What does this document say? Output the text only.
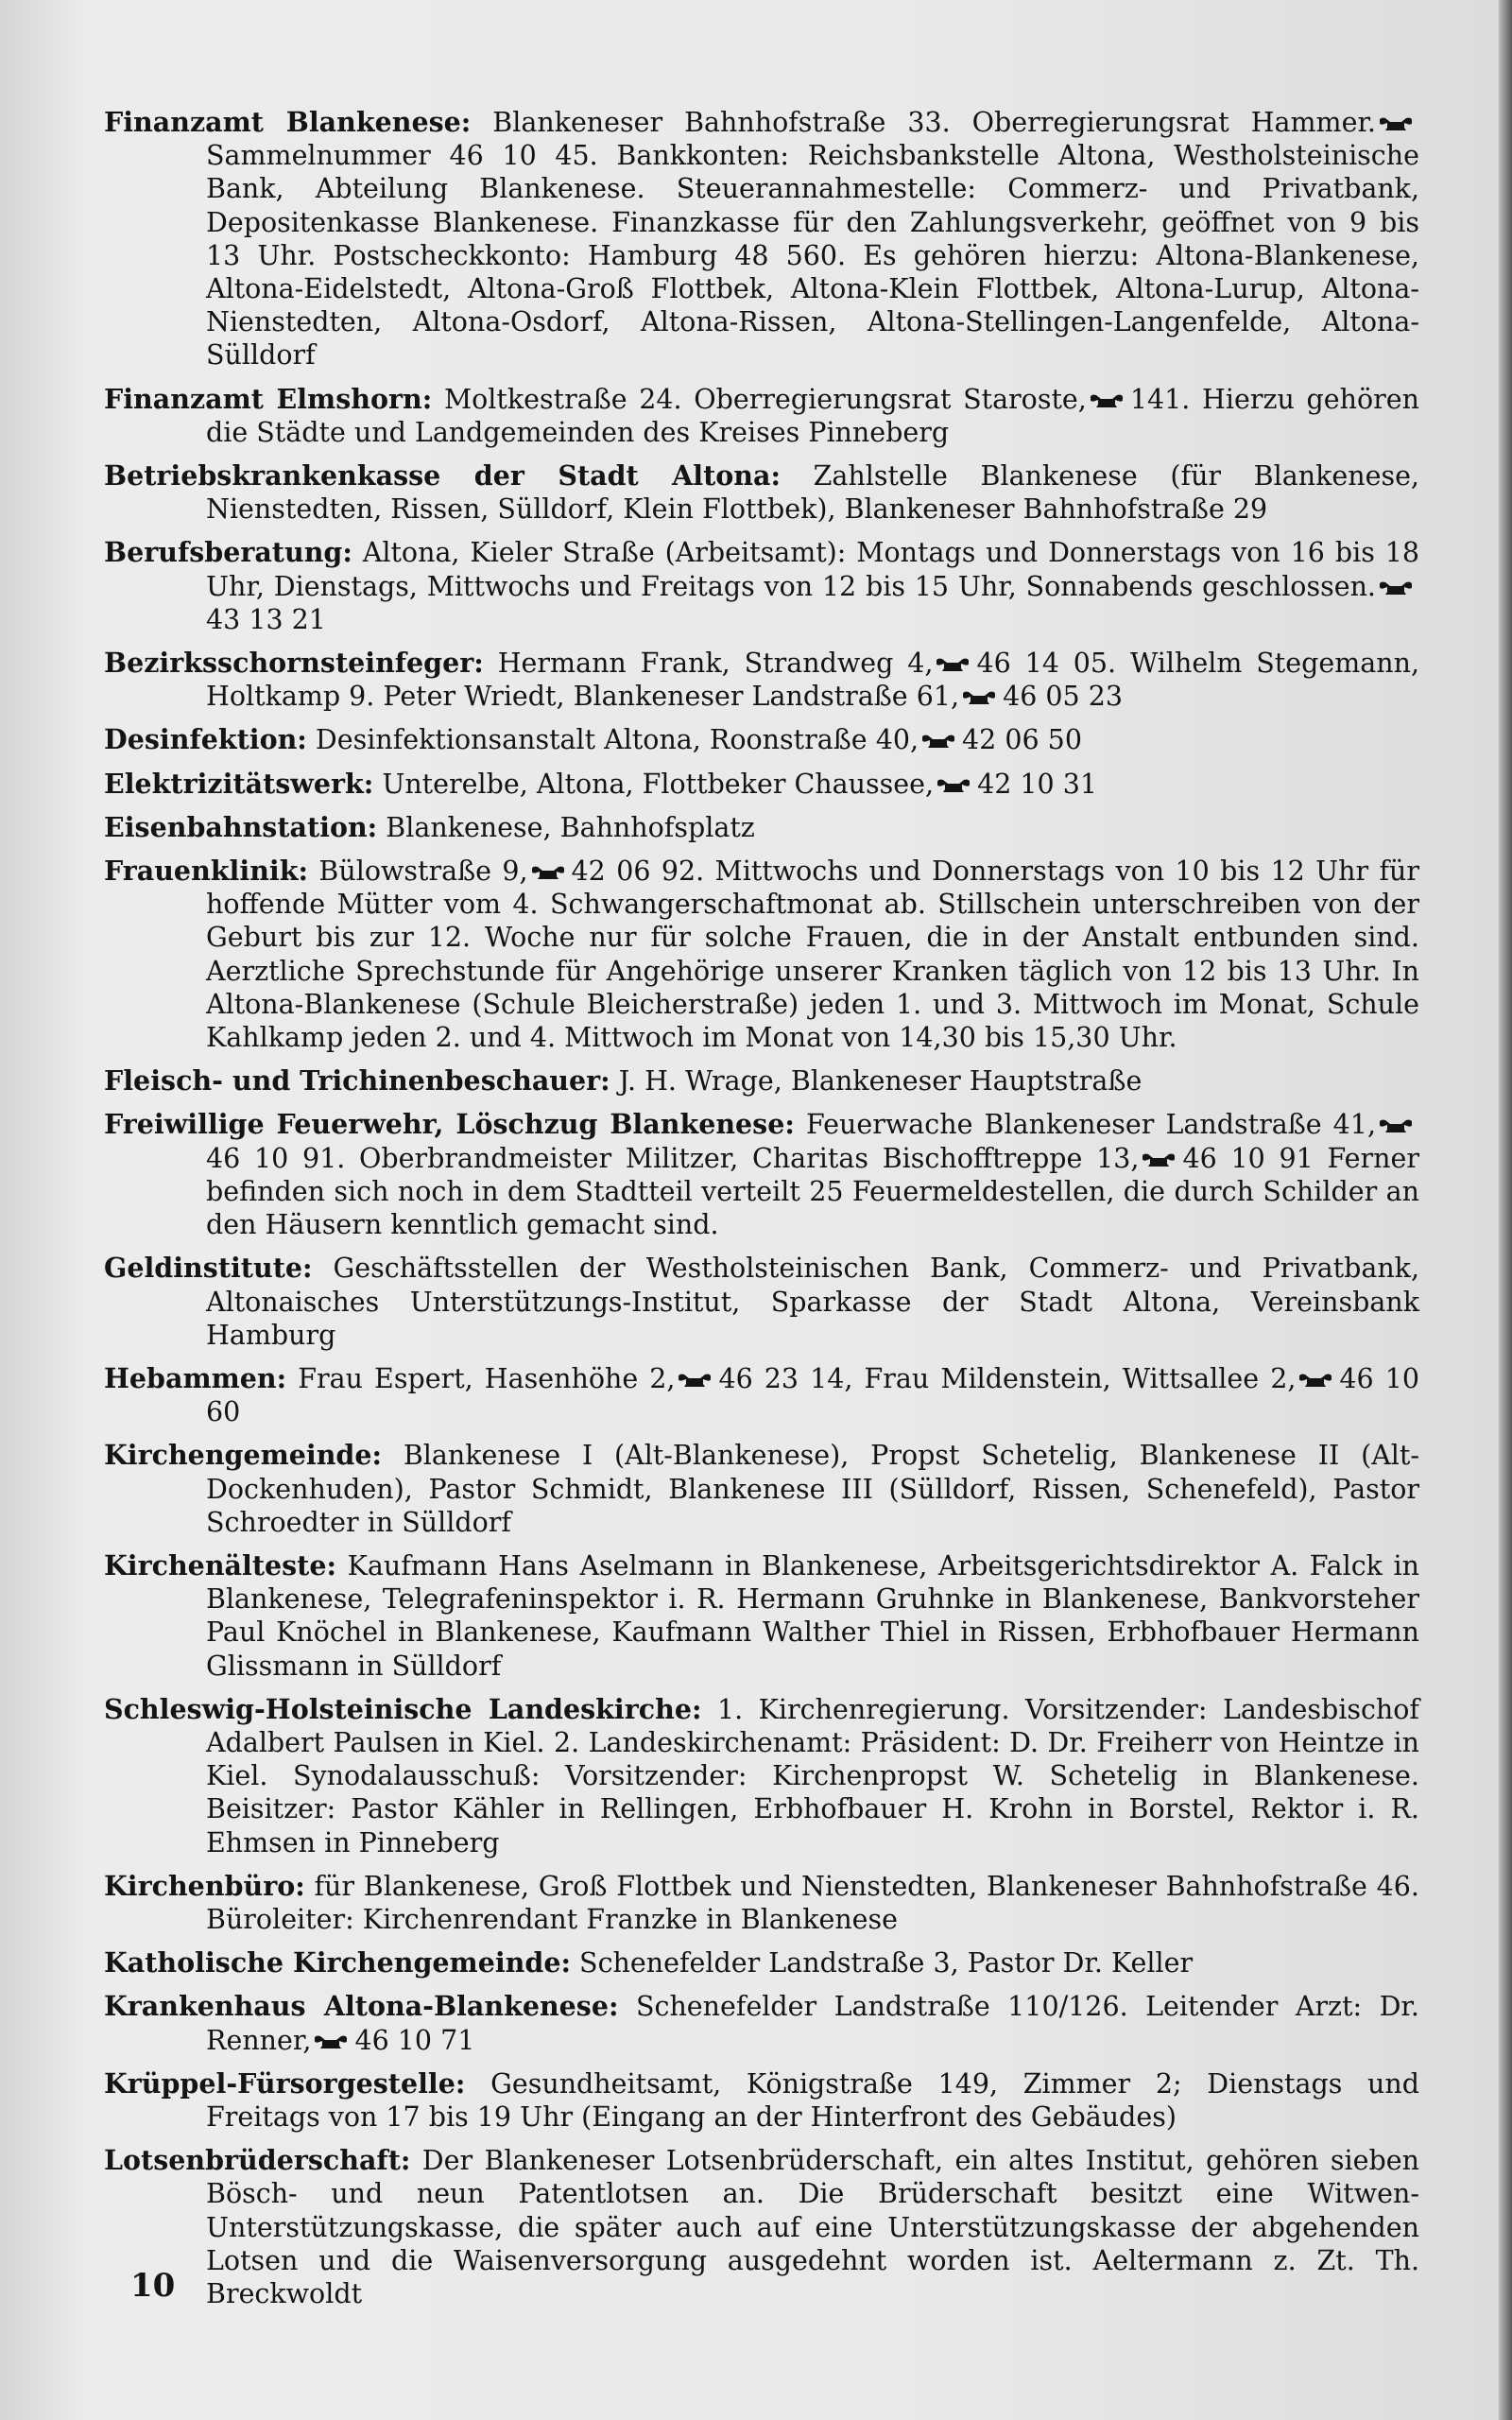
Finanzamt Blankenese: Blankeneser Bahnhofstraße 33. Oberregierungsrat Hammer.
Sammelnummer 46 10 45. Bankkonten: Reichsbankstelle Altona, Westholsteinische Bank, Abteilung Blankenese. Steuerannahmestelle: Commerz- und Privatbank, Depositenkasse Blankenese. Finanzkasse für den Zahlungsverkehr, geöffnet von 9 bis 13 Uhr. Postscheckkonto: Hamburg 48 560. Es gehören hierzu: Altona-Blankenese, Altona-Eidelstedt, Altona-Groß Flottbek, Altona-Klein Flottbek, Altona-Lurup, Altona-Nienstedten, Altona-Osdorf, Altona-Rissen, Altona-Stellingen-Langenfelde, Altona-Sülldorf

Finanzamt Elmshorn: Moltkestraße 24. Oberregierungsrat Staroste, 141. Hierzu gehören die Städte und Landgemeinden des Kreises Pinneberg

Betriebskrankenkasse der Stadt Altona: Zahlstelle Blankenese (für Blankenese, Nienstedten, Rissen, Sülldorf, Klein Flottbek), Blankeneser Bahnhofstraße 29

Berufsberatung: Altona, Kieler Straße (Arbeitsamt): Montags und Donnerstags von 16 bis 18 Uhr, Dienstags, Mittwochs und Freitags von 12 bis 15 Uhr, Sonnabends geschlossen.
43 13 21

Bezirksschornsteinfeger: Hermann Frank, Strandweg 4, 46 14 05. Wilhelm Stegemann, Holtkamp 9. Peter Wriedt, Blankeneser Landstraße 61, 46 05 23

Desinfektion: Desinfektionsanstalt Altona, Roonstraße 40, 42 06 50

Elektrizitätswerk: Unterelbe, Altona, Flottbeker Chaussee, 42 10 31

Eisenbahnstation: Blankenese, Bahnhofsplatz

Frauenklinik: Bülowstraße 9, 42 06 92. Mittwochs und Donnerstags von 10 bis 12 Uhr für hoffende Mütter vom 4. Schwangerschaftmonat ab. Stillschein unterschreiben von der Geburt bis zur 12. Woche nur für solche Frauen, die in der Anstalt entbunden sind. Aerztliche Sprechstunde für Angehörige unserer Kranken täglich von 12 bis 13 Uhr. In Altona-Blankenese (Schule Bleicherstraße) jeden 1. und 3. Mittwoch im Monat, Schule Kahlkamp jeden 2. und 4. Mittwoch im Monat von 14,30 bis 15,30 Uhr.

Fleisch- und Trichinenbeschauer: J. H. Wrage, Blankeneser Hauptstraße

Freiwillige Feuerwehr, Löschzug Blankenese: Feuerwache Blankeneser Landstraße 41,
46 10 91. Oberbrandmeister Militzer, Charitas Bischofftreppe 13, 46 10 91 Ferner befinden sich noch in dem Stadtteil verteilt 25 Feuermeldestellen, die durch Schilder an den Häusern kenntlich gemacht sind.

Geldinstitute: Geschäftsstellen der Westholsteinischen Bank, Commerz- und Privatbank, Altonaisches Unterstützungs-Institut, Sparkasse der Stadt Altona, Vereinsbank Hamburg

Hebammen: Frau Espert, Hasenhöhe 2, 46 23 14, Frau Mildenstein, Wittsallee 2, 46 10 60

Kirchengemeinde: Blankenese I (Alt-Blankenese), Propst Schetelig, Blankenese II (Alt-Dockenhuden), Pastor Schmidt, Blankenese III (Sülldorf, Rissen, Schenefeld), Pastor Schroedter in Sülldorf

Kirchenälteste: Kaufmann Hans Aselmann in Blankenese, Arbeitsgerichtsdirektor A. Falck in Blankenese, Telegrafeninspektor i. R. Hermann Gruhnke in Blankenese, Bankvorsteher Paul Knöchel in Blankenese, Kaufmann Walther Thiel in Rissen, Erbhofbauer Hermann Glissmann in Sülldorf

Schleswig-Holsteinische Landeskirche: 1. Kirchenregierung. Vorsitzender: Landesbischof Adalbert Paulsen in Kiel. 2. Landeskirchenamt: Präsident: D. Dr. Freiherr von Heintze in Kiel. Synodalausschuß: Vorsitzender: Kirchenpropst W. Schetelig in Blankenese. Beisitzer: Pastor Kähler in Rellingen, Erbhofbauer H. Krohn in Borstel, Rektor i. R. Ehmsen in Pinneberg

Kirchenbüro: für Blankenese, Groß Flottbek und Nienstedten, Blankeneser Bahnhofstraße 46. Büroleiter: Kirchenrendant Franzke in Blankenese

Katholische Kirchengemeinde: Schenefelder Landstraße 3, Pastor Dr. Keller

Krankenhaus Altona-Blankenese: Schenefelder Landstraße 110/126. Leitender Arzt: Dr. Renner, 46 10 71

Krüppel-Fürsorgestelle: Gesundheitsamt, Königstraße 149, Zimmer 2; Dienstags und Freitags von 17 bis 19 Uhr (Eingang an der Hinterfront des Gebäudes)

Lotsenbrüderschaft: Der Blankeneser Lotsenbrüderschaft, ein altes Institut, gehören sieben Bösch- und neun Patentlotsen an. Die Brüderschaft besitzt eine Witwen-Unterstützungskasse, die später auch auf eine Unterstützungskasse der abgehenden Lotsen und die Waisenversorgung ausgedehnt worden ist. Aeltermann z. Zt. Th. Breckwoldt

10
